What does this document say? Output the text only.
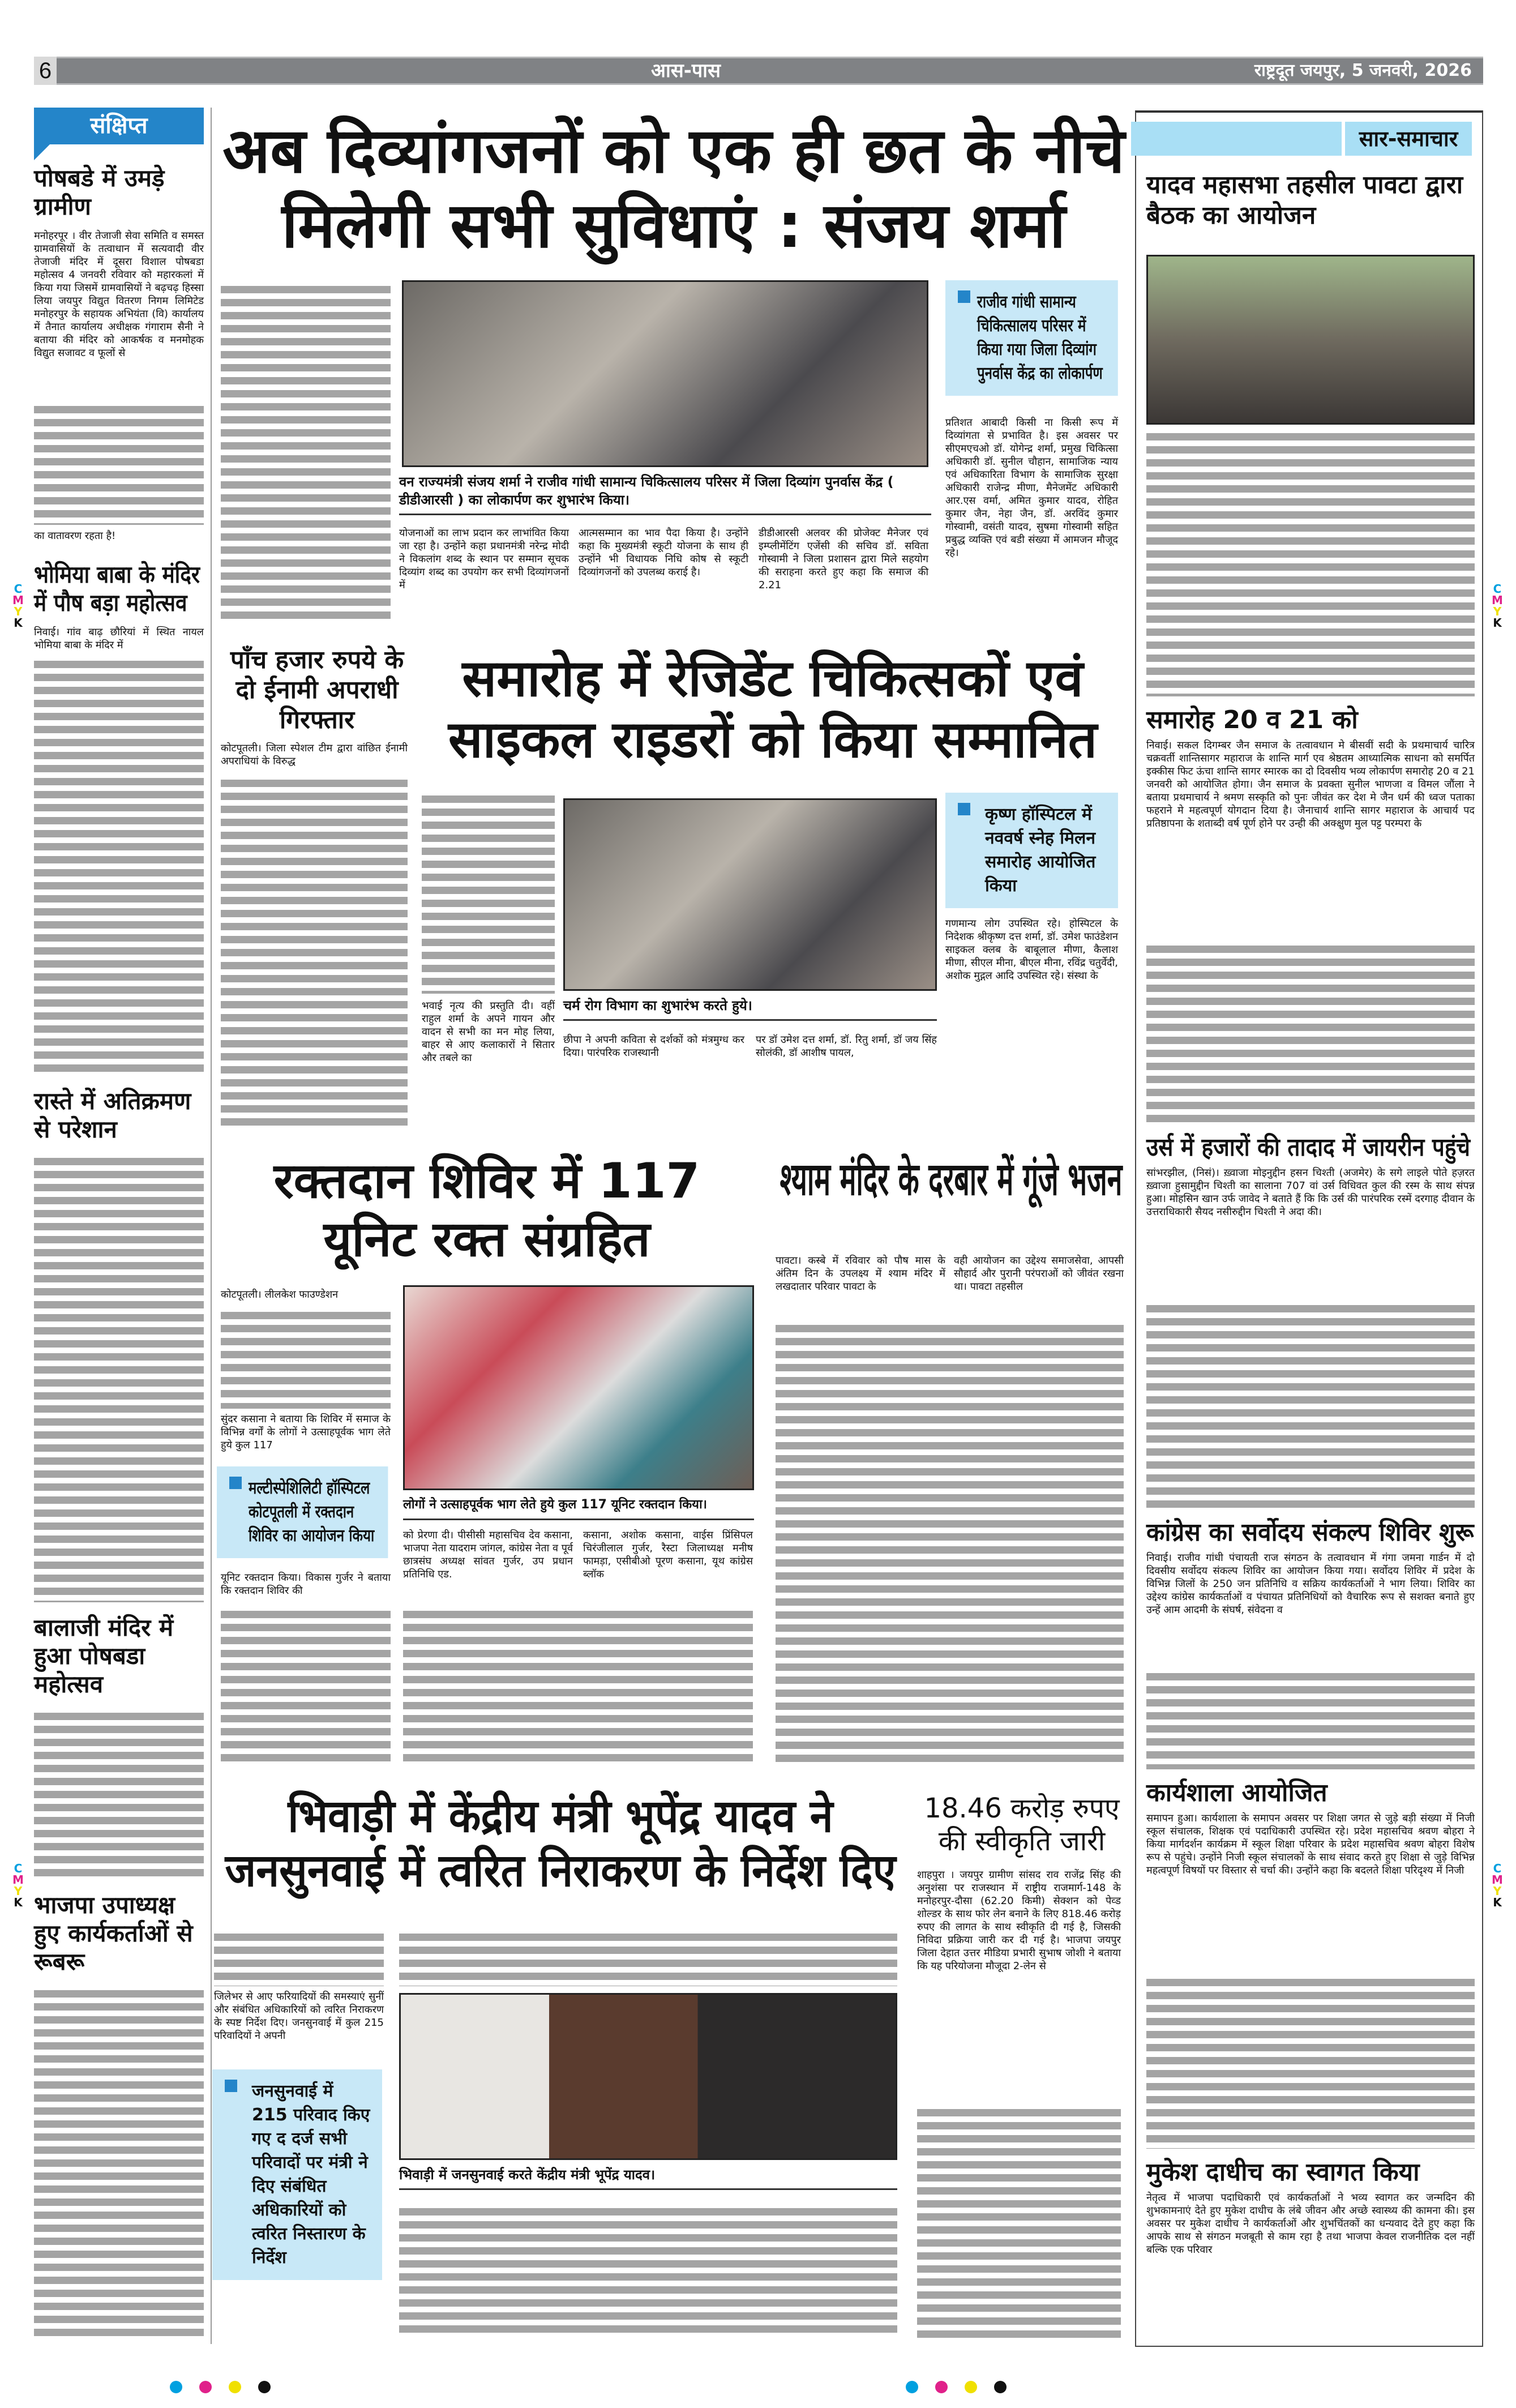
6	आस-पास	राष्ट्रदूत जयपुर, 5 जनवरी, 2026
संक्षिप्त
पोषबडे में उमड़े ग्रामीण
मनोहरपूर । वीर तेजाजी सेवा समिति व समस्त ग्रामवासियों के तत्वाधान में सत्यवादी वीर तेजाजी मंदिर में दूसरा विशाल पोषबडा महोत्सव 4 जनवरी रविवार को महारकलां में किया गया जिसमें ग्रामवासियों ने बढ़चढ़ हिस्सा लिया जयपुर विद्युत वितरण निगम लिमिटेड मनोहरपुर के सहायक अभियंता (वि) कार्यालय में तैनात कार्यालय अधीक्षक गंगाराम सैनी ने बताया की मंदिर को आकर्षक व मनमोहक विद्युत सजावट व फूलों से
का वातावरण रहता है!
भोमिया बाबा के मंदिर में पौष बड़ा महोत्सव
निवाई। गांव बाढ़ छौरियां में स्थित नायल भोमिया बाबा के मंदिर में
रास्ते में अतिक्रमण से परेशान
बालाजी मंदिर में हुआ पोषबडा महोत्सव
भाजपा उपाध्यक्ष हुए कार्यकर्ताओं से रूबरू
अब दिव्यांगजनों को एक ही छत के नीचे मिलेगी सभी सुविधाएं : संजय शर्मा
वन राज्यमंत्री संजय शर्मा ने राजीव गांधी सामान्य चिकित्सालय परिसर में जिला दिव्यांग पुनर्वास केंद्र ( डीडीआरसी ) का लोकार्पण कर शुभारंभ किया।
योजनाओं का लाभ प्रदान कर लाभांवित किया जा रहा है। उन्होंने कहा प्रधानमंत्री नरेन्द्र मोदी ने विकलांग शब्द के स्थान पर सम्मान सूचक दिव्यांग शब्द का उपयोग कर सभी दिव्यांगजनों में
आत्मसम्मान का भाव पैदा किया है। उन्होंने कहा कि मुख्यमंत्री स्कूटी योजना के साथ ही उन्होंने भी विधायक निधि कोष से स्कूटी दिव्यांगजनों को उपलब्ध कराई है।
डीडीआरसी अलवर की प्रोजेक्ट मैनेजर एवं इम्प्लीमेंटिंग एजेंसी की सचिव डॉ. सविता गोस्वामी ने जिला प्रशासन द्वारा मिले सहयोग की सराहना करते हुए कहा कि समाज की 2.21
राजीव गांधी सामान्य चिकित्सालय परिसर में किया गया जिला दिव्यांग पुनर्वास केंद्र का लोकार्पण
प्रतिशत आबादी किसी ना किसी रूप में दिव्यांगता से प्रभावित है। इस अवसर पर सीएमएचओ डॉ. योगेन्द्र शर्मा, प्रमुख चिकित्सा अधिकारी डॉ. सुनील चौहान, सामाजिक न्याय एवं अधिकारिता विभाग के सामाजिक सुरक्षा अधिकारी राजेन्द्र मीणा, मैनेजमेंट अधिकारी आर.एस वर्मा, अमित कुमार यादव, रोहित कुमार जैन, नेहा जैन, डॉ. अरविंद कुमार गोस्वामी, वसंती यादव, सुषमा गोस्वामी सहित प्रबुद्ध व्यक्ति एवं बडी संख्या में आमजन मौजूद रहे।
पाँच हजार रुपये के दो ईनामी अपराधी गिरफ्तार
कोटपूतली। जिला स्पेशल टीम द्वारा वांछित ईनामी अपराधियां के विरुद्ध
समारोह में रेजिडेंट चिकित्सकों एवं साइकल राइडरों को किया सम्मानित
भवाई नृत्य की प्रस्तुति दी। वहीं राहुल शर्मा के अपने गायन और वादन से सभी का मन मोह लिया, बाहर से आए कलाकारों ने सितार और तबले का
चर्म रोग विभाग का शुभारंभ करते हुये।
छीपा ने अपनी कविता से दर्शकों को मंत्रमुग्ध कर दिया। पारंपरिक राजस्थानी
पर डॉ उमेश दत्त शर्मा, डॉ. रितु शर्मा, डॉ जय सिंह सोलंकी, डॉ आशीष पायल,
कृष्ण हॉस्पिटल में नववर्ष स्नेह मिलन समारोह आयोजित किया
गणमान्य लोग उपस्थित रहे। होस्पिटल के निदेशक श्रीकृष्ण दत्त शर्मा, डॉ. उमेश फाउंडेशन साइकल क्लब के बाबूलाल मीणा, कैलाश मीणा, सीएल मीना, बीएल मीना, रविंद्र चतुर्वेदी, अशोक मुद्गल आदि उपस्थित रहे। संस्था के
रक्तदान शिविर में 117 यूनिट रक्त संग्रहित
कोटपूतली। लीलकेश फाउण्डेशन
सुंदर कसाना ने बताया कि शिविर में समाज के विभिन्न वर्गों के लोगों ने उत्साहपूर्वक भाग लेते हुये कुल 117
मल्टीस्पेशिलिटी हॉस्पिटल कोटपूतली में रक्तदान शिविर का आयोजन किया
यूनिट रक्तदान किया। विकास गुर्जर ने बताया कि रक्तदान शिविर की
लोगों ने उत्साहपूर्वक भाग लेते हुये कुल 117 यूनिट रक्तदान किया।
को प्रेरणा दी। पीसीसी महासचिव देव कसाना, भाजपा नेता यादराम जांगल, कांग्रेस नेता व पूर्व छात्रसंघ अध्यक्ष सांवत गुर्जर, उप प्रधान प्रतिनिधि एड.
कसाना, अशोक कसाना, वाईस प्रिंसिपल चिरंजीलाल गुर्जर, रैस्टा जिलाध्यक्ष मनीष फामड़ा, एसीबीओ पूरण कसाना, यूथ कांग्रेस ब्लॉक
श्याम मंदिर के दरबार में गूंजे भजन
पावटा। कस्बे में रविवार को पौष मास के अंतिम दिन के उपलक्ष्य में श्याम मंदिर में लखदातार परिवार पावटा के
वही आयोजन का उद्देश्य समाजसेवा, आपसी सौहार्द और पुरानी परंपराओं को जीवंत रखना था। पावटा तहसील
भिवाड़ी में केंद्रीय मंत्री भूपेंद्र यादव ने जनसुनवाई में त्वरित निराकरण के निर्देश दिए
जिलेभर से आए फरियादियों की समस्याएं सुनीं और संबंधित अधिकारियों को त्वरित निराकरण के स्पष्ट निर्देश दिए। जनसुनवाई में कुल 215 परिवादियों ने अपनी
जनसुनवाई में 215 परिवाद किए गए द दर्ज सभी परिवादों पर मंत्री ने दिए संबंधित अधिकारियों को त्वरित निस्तारण के निर्देश
भिवाड़ी में जनसुनवाई करते केंद्रीय मंत्री भूपेंद्र यादव।
18.46 करोड़ रुपए की स्वीकृति जारी
शाहपुरा । जयपुर ग्रामीण सांसद राव राजेंद्र सिंह की अनुशंसा पर राजस्थान में राष्ट्रीय राजमार्ग-148 के मनोहरपुर-दौसा (62.20 किमी) सेक्शन को पेव्ड शोल्डर के साथ फोर लेन बनाने के लिए 818.46 करोड़ रुपए की लागत के साथ स्वीकृति दी गई है, जिसकी निविदा प्रक्रिया जारी कर दी गई है। भाजपा जयपुर जिला देहात उत्तर मीडिया प्रभारी सुभाष जोशी ने बताया कि यह परियोजना मौजूदा 2-लेन से
सार-समाचार
यादव महासभा तहसील पावटा द्वारा बैठक का आयोजन
समारोह 20 व 21 को
निवाई। सकल दिगम्बर जैन समाज के तत्वावधान मे बीसवीं सदी के प्रथमाचार्य चारित्र चक्रवर्ती शान्तिसागर महाराज के शान्ति मार्ग एव श्रेष्ठतम आध्यात्मिक साधना को समर्पित इक्कीस फिट ऊंचा शान्ति सागर स्मारक का दो दिवसीय भव्य लोकार्पण समारोह 20 व 21 जनवरी को आयोजित होगा। जैन समाज के प्रवक्ता सुनील भाणजा व विमल जौंला ने बताया प्रथमाचार्य ने श्रमण सस्कृति को पुनः जीवंत कर देश मे जैन धर्म की ध्वज पताका फहराने मे महत्वपूर्ण योगदान दिया है। जैनाचार्य शान्ति सागर महाराज के आचार्य पद प्रतिष्ठापना के शताब्दी वर्ष पूर्ण होने पर उन्ही की अक्क्षुण मुल पट्ट परम्परा के
उर्स में हजारों की तादाद में जायरीन पहुंचे
सांभरझील, (निसं)। ख़्वाजा मोइनुद्दीन हसन चिश्ती (अजमेर) के सगे लाइले पोते हज़रत ख़्वाजा हुसामुद्दीन चिश्ती का सालाना 707 वां उर्स विधिवत कुल की रस्म के साथ संपन्न हुआ। मोहसिन खान उर्फ जावेद ने बताते हैं कि कि उर्स की पारंपरिक रस्में दरगाह दीवान के उत्तराधिकारी सैयद नसीरुद्दीन चिश्ती ने अदा की।
कांग्रेस का सर्वोदय संकल्प शिविर शुरू
निवाई। राजीव गांधी पंचायती राज संगठन के तत्वावधान में गंगा जमना गार्डन में दो दिवसीय सर्वोदय संकल्प शिविर का आयोजन किया गया। सर्वोदय शिविर में प्रदेश के विभिन्न जिलों के 250 जन प्रतिनिधि व सक्रिय कार्यकर्ताओं ने भाग लिया। शिविर का उद्देश्य कांग्रेस कार्यकर्ताओं व पंचायत प्रतिनिधियों को वैचारिक रूप से सशक्त बनाते हुए उन्हें आम आदमी के संघर्ष, संवेदना व
कार्यशाला आयोजित
समापन हुआ। कार्यशाला के समापन अवसर पर शिक्षा जगत से जुड़े बड़ी संख्या में निजी स्कूल संचालक, शिक्षक एवं पदाधिकारी उपस्थित रहे। प्रदेश महासचिव श्रवण बोहरा ने किया मार्गदर्शन कार्यक्रम में स्कूल शिक्षा परिवार के प्रदेश महासचिव श्रवण बोहरा विशेष रूप से पहुंचे। उन्होंने निजी स्कूल संचालकों के साथ संवाद करते हुए शिक्षा से जुड़े विभिन्न महत्वपूर्ण विषयों पर विस्तार से चर्चा की। उन्होंने कहा कि बदलते शिक्षा परिदृश्य में निजी
मुकेश दाधीच का स्वागत किया
नेतृत्व में भाजपा पदाधिकारी एवं कार्यकर्ताओं ने भव्य स्वागत कर जन्मदिन की शुभकामनाएं देते हुए मुकेश दाधीच के लंबे जीवन और अच्छे स्वास्थ्य की कामना की। इस अवसर पर मुकेश दाधीच ने कार्यकर्ताओं और शुभचिंतकों का धन्यवाद देते हुए कहा कि आपके साथ से संगठन मजबूती से काम रहा है तथा भाजपा केवल राजनीतिक दल नहीं बल्कि एक परिवार
C
M
Y
K
C
M
Y
K
C
M
Y
K
C
M
Y
K
